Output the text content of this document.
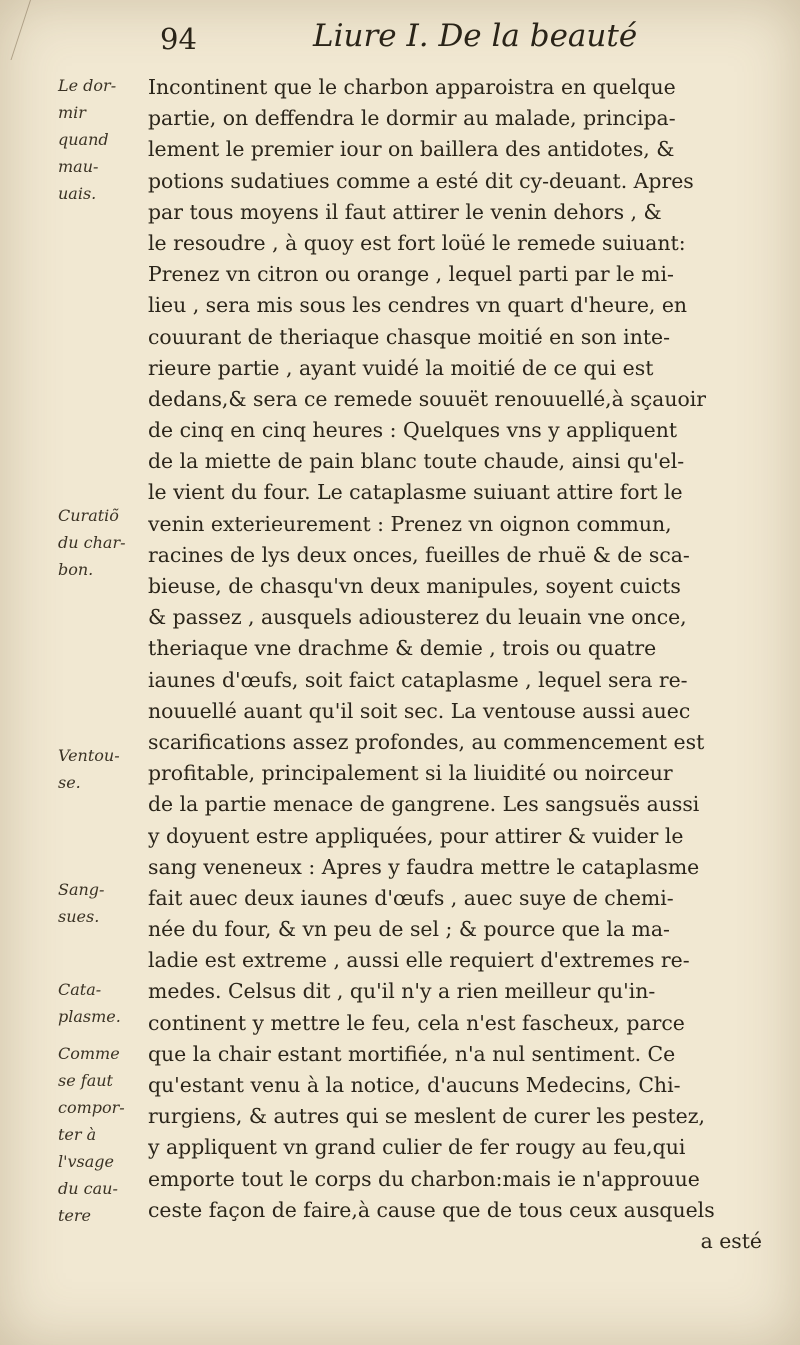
94	Liure I. De la beauté
Le dor-
mir
quand
mau-
uais.
Curatiõ
du char-
bon.
Ventou-
se.
Sang-
sues.
Cata-
plasme.
Comme
se faut
compor-
ter à
l'vsage
du cau-
tere
Incontinent que le charbon apparoistra en quelque
partie, on deffendra le dormir au malade, principa-
lement le premier iour on baillera des antidotes, &
potions sudatiues comme a esté dit cy-deuant. Apres
par tous moyens il faut attirer le venin dehors , &
le resoudre , à quoy est fort loüé le remede suiuant:
Prenez vn citron ou orange , lequel parti par le mi-
lieu , sera mis sous les cendres vn quart d'heure, en
couurant de theriaque chasque moitié en son inte-
rieure partie , ayant vuidé la moitié de ce qui est
dedans,& sera ce remede souuët renouuellé,à sçauoir
de cinq en cinq heures : Quelques vns y appliquent
de la miette de pain blanc toute chaude, ainsi qu'el-
le vient du four. Le cataplasme suiuant attire fort le
venin exterieurement : Prenez vn oignon commun,
racines de lys deux onces, fueilles de rhuë & de sca-
bieuse, de chasqu'vn deux manipules, soyent cuicts
& passez , ausquels adiousterez du leuain vne once,
theriaque vne drachme & demie , trois ou quatre
iaunes d'œufs, soit faict cataplasme , lequel sera re-
nouuellé auant qu'il soit sec. La ventouse aussi auec
scarifications assez profondes, au commencement est
profitable, principalement si la liuidité ou noirceur
de la partie menace de gangrene. Les sangsuës aussi
y doyuent estre appliquées, pour attirer & vuider le
sang veneneux : Apres y faudra mettre le cataplasme
fait auec deux iaunes d'œufs , auec suye de chemi-
née du four, & vn peu de sel ; & pource que la ma-
ladie est extreme , aussi elle requiert d'extremes re-
medes. Celsus dit , qu'il n'y a rien meilleur qu'in-
continent y mettre le feu, cela n'est fascheux, parce
que la chair estant mortifiée, n'a nul sentiment. Ce
qu'estant venu à la notice, d'aucuns Medecins, Chi-
rurgiens, & autres qui se meslent de curer les pestez,
y appliquent vn grand culier de fer rougy au feu,qui
emporte tout le corps du charbon:mais ie n'approuue
ceste façon de faire,à cause que de tous ceux ausquels
a esté
